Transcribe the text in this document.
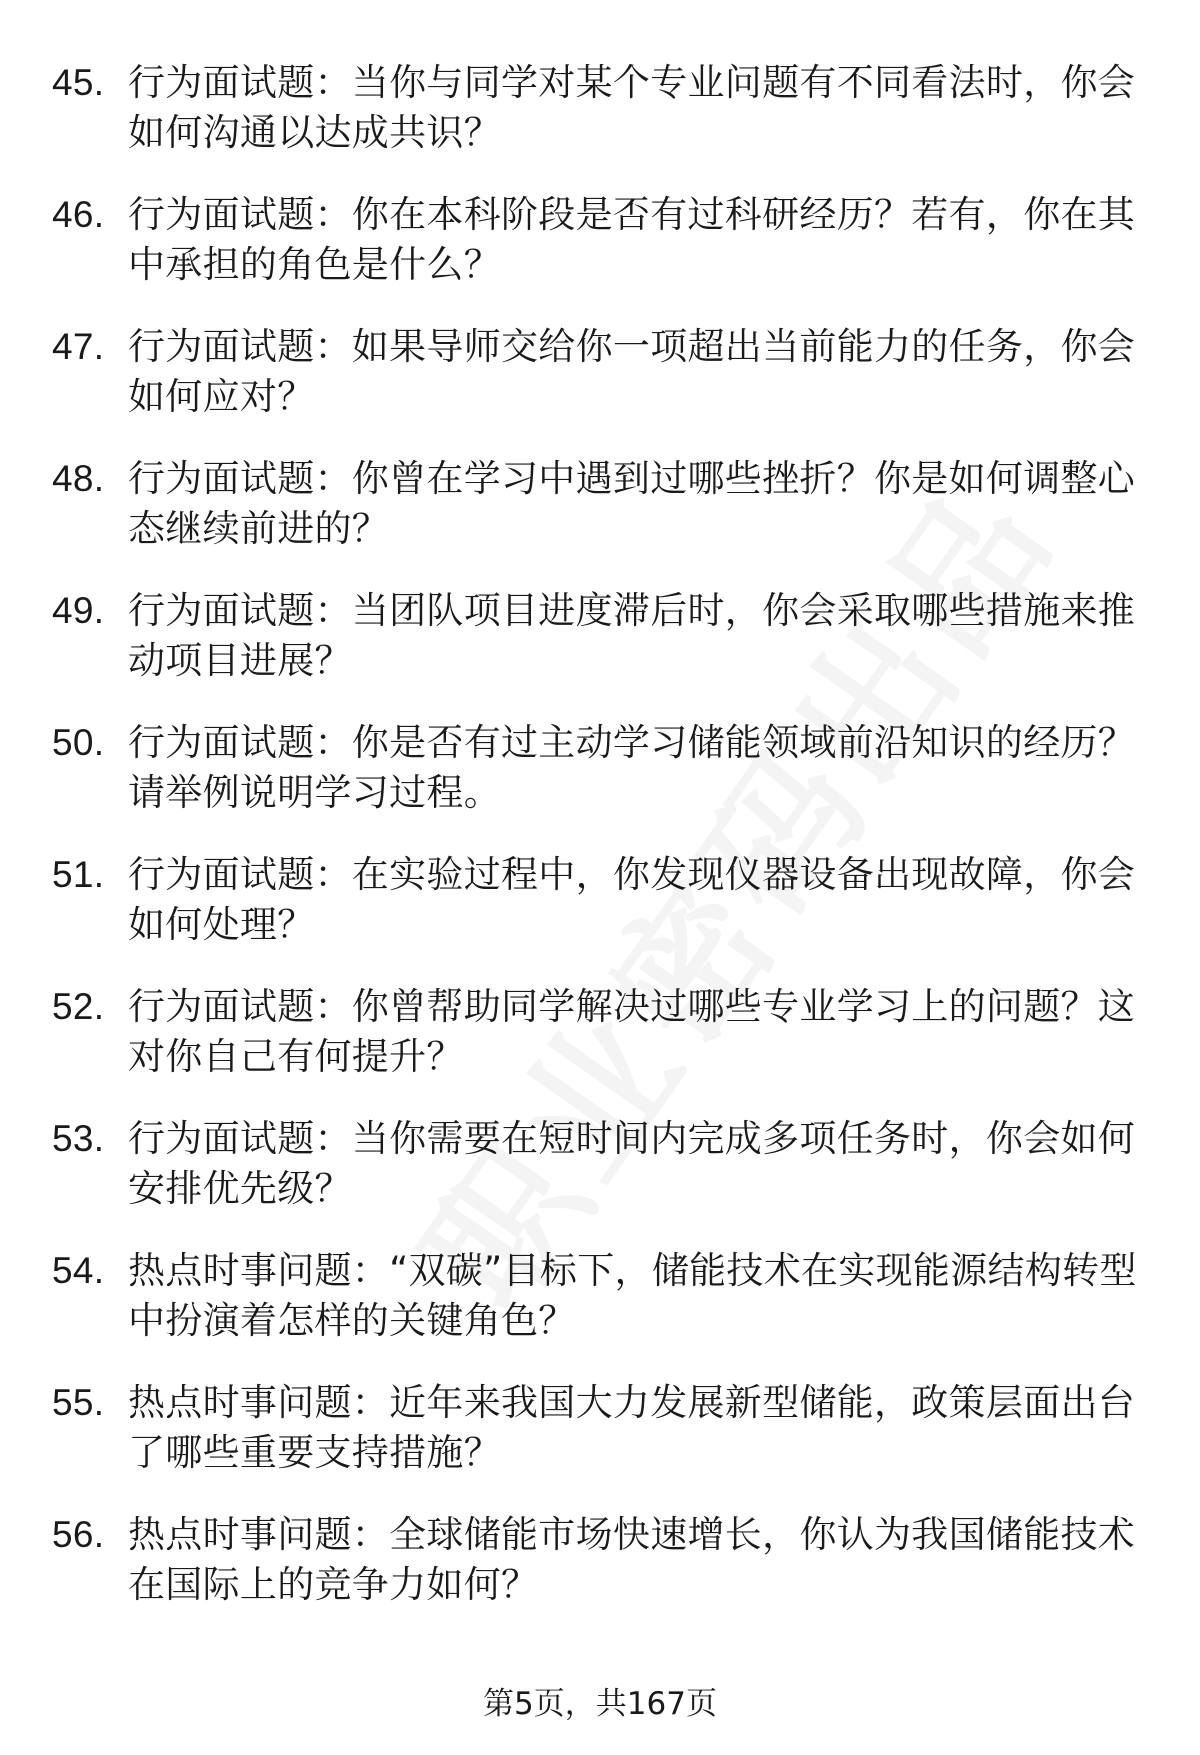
45. 行为面试题：当你与同学对某个专业问题有不同看法时，你会如何沟通以达成共识？
46. 行为面试题：你在本科阶段是否有过科研经历？若有，你在其中承担的角色是什么？
47. 行为面试题：如果导师交给你一项超出当前能力的任务，你会如何应对？
48. 行为面试题：你曾在学习中遇到过哪些挫折？你是如何调整心态继续前进的？
49. 行为面试题：当团队项目进度滞后时，你会采取哪些措施来推动项目进展？
50. 行为面试题：你是否有过主动学习储能领域前沿知识的经历？请举例说明学习过程。
51. 行为面试题：在实验过程中，你发现仪器设备出现故障，你会如何处理？
52. 行为面试题：你曾帮助同学解决过哪些专业学习上的问题？这对你自己有何提升？
53. 行为面试题：当你需要在短时间内完成多项任务时，你会如何安排优先级？
54. 热点时事问题：“双碳”目标下，储能技术在实现能源结构转型中扮演着怎样的关键角色？
55. 热点时事问题：近年来我国大力发展新型储能，政策层面出台了哪些重要支持措施？
56. 热点时事问题：全球储能市场快速增长，你认为我国储能技术在国际上的竞争力如何？
第5页，共167页
